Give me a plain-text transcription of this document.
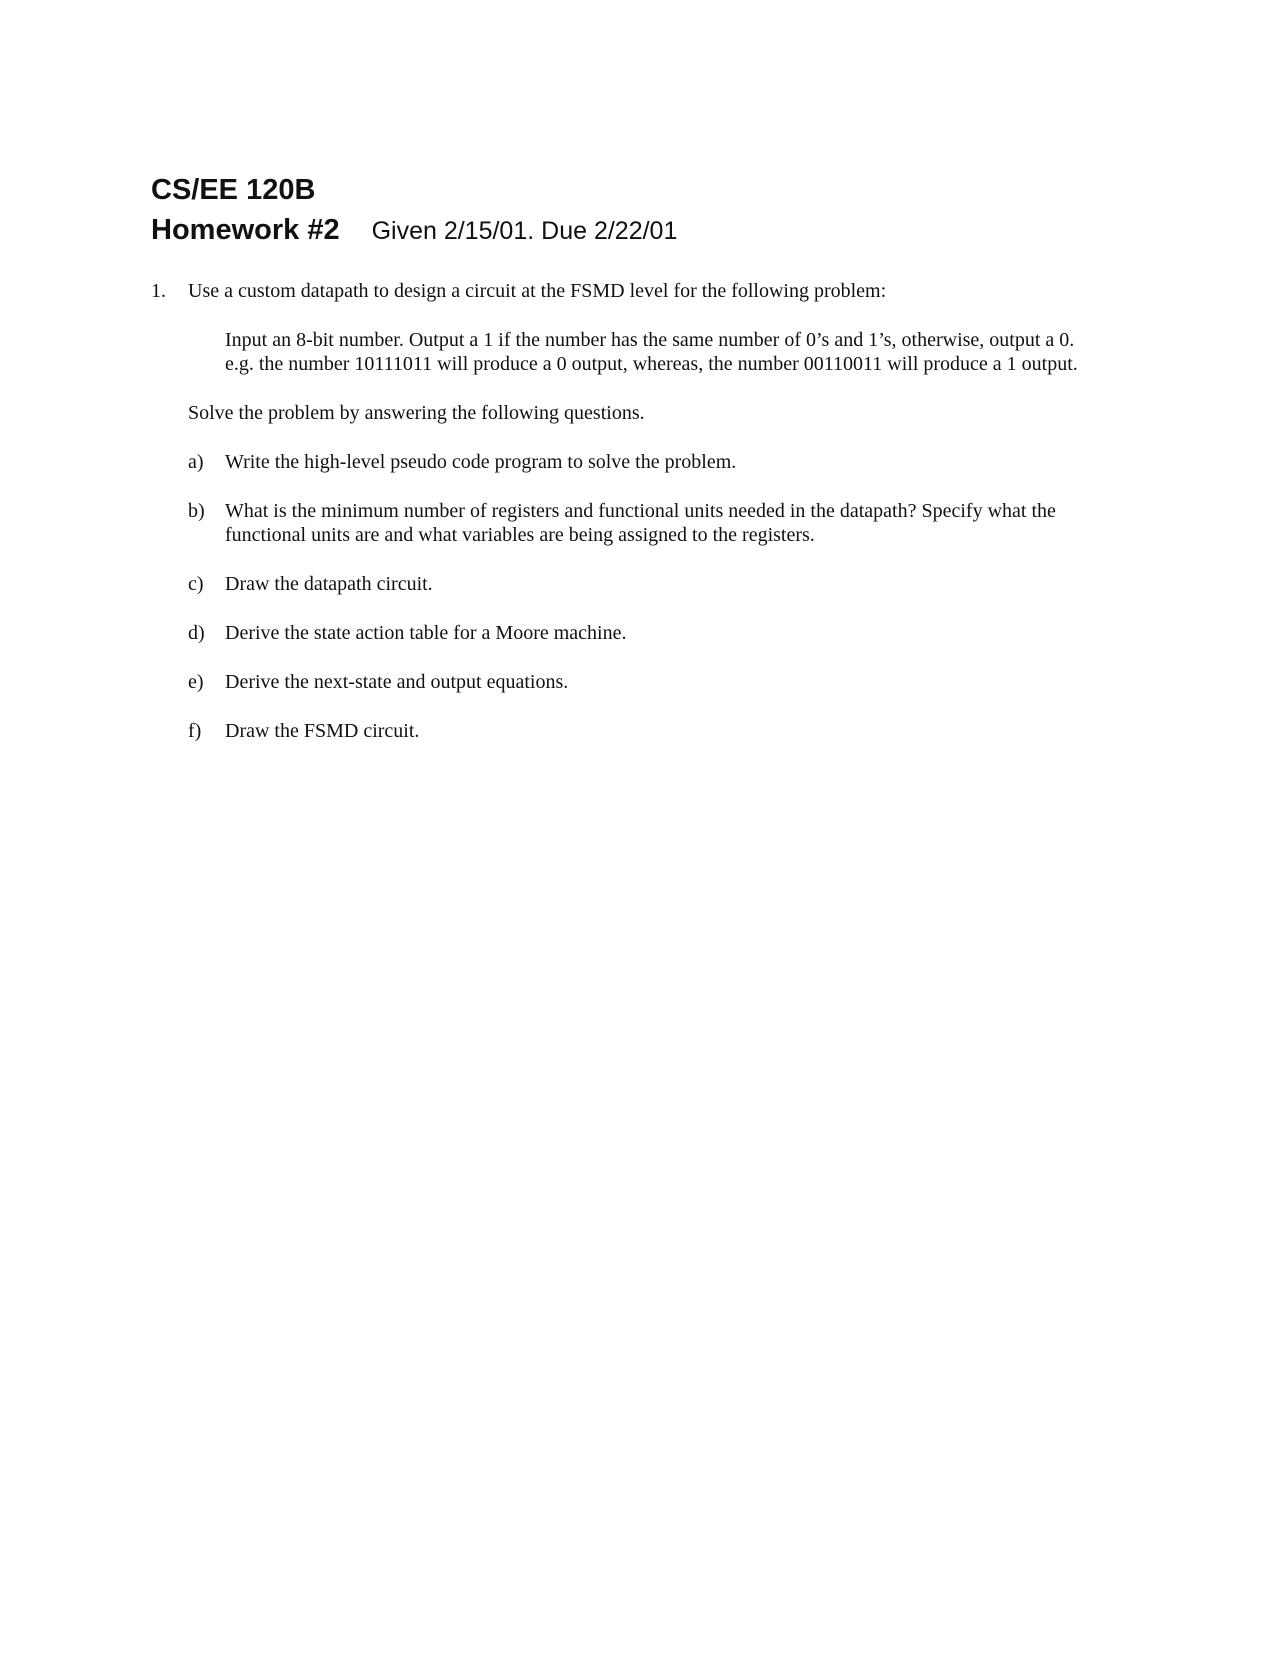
CS/EE 120B
Homework #2 Given 2/15/01. Due 2/22/01
1. Use a custom datapath to design a circuit at the FSMD level for the following problem:
Input an 8-bit number. Output a 1 if the number has the same number of 0’s and 1’s, otherwise, output a 0.
e.g. the number 10111011 will produce a 0 output, whereas, the number 00110011 will produce a 1 output.
Solve the problem by answering the following questions.
a) Write the high-level pseudo code program to solve the problem.
b) What is the minimum number of registers and functional units needed in the datapath? Specify what the
functional units are and what variables are being assigned to the registers.
c) Draw the datapath circuit.
d) Derive the state action table for a Moore machine.
e) Derive the next-state and output equations.
f) Draw the FSMD circuit.
